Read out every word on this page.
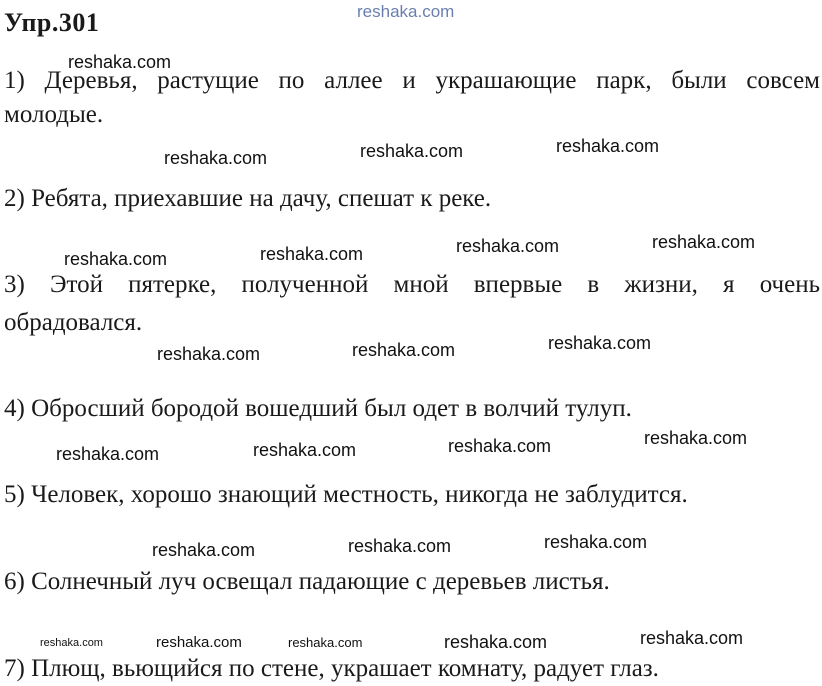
reshaka.com
Упр.301
reshaka.com
1) Деревья, растущие по аллее и украшающие парк, были совсем
молодые.
reshaka.com	reshaka.com	reshaka.com
2) Ребята, приехавшие на дачу, спешат к реке.
reshaka.com	reshaka.com	reshaka.com	reshaka.com
3) Этой пятерке, полученной мной впервые в жизни, я очень
обрадовался.
reshaka.com	reshaka.com	reshaka.com
4) Обросший бородой вошедший был одет в волчий тулуп.
reshaka.com	reshaka.com	reshaka.com	reshaka.com
5) Человек, хорошо знающий местность, никогда не заблудится.
reshaka.com	reshaka.com	reshaka.com
6) Солнечный луч освещал падающие с деревьев листья.
reshaka.com	reshaka.com	reshaka.com	reshaka.com	reshaka.com
7) Плющ, вьющийся по стене, украшает комнату, радует глаз.
